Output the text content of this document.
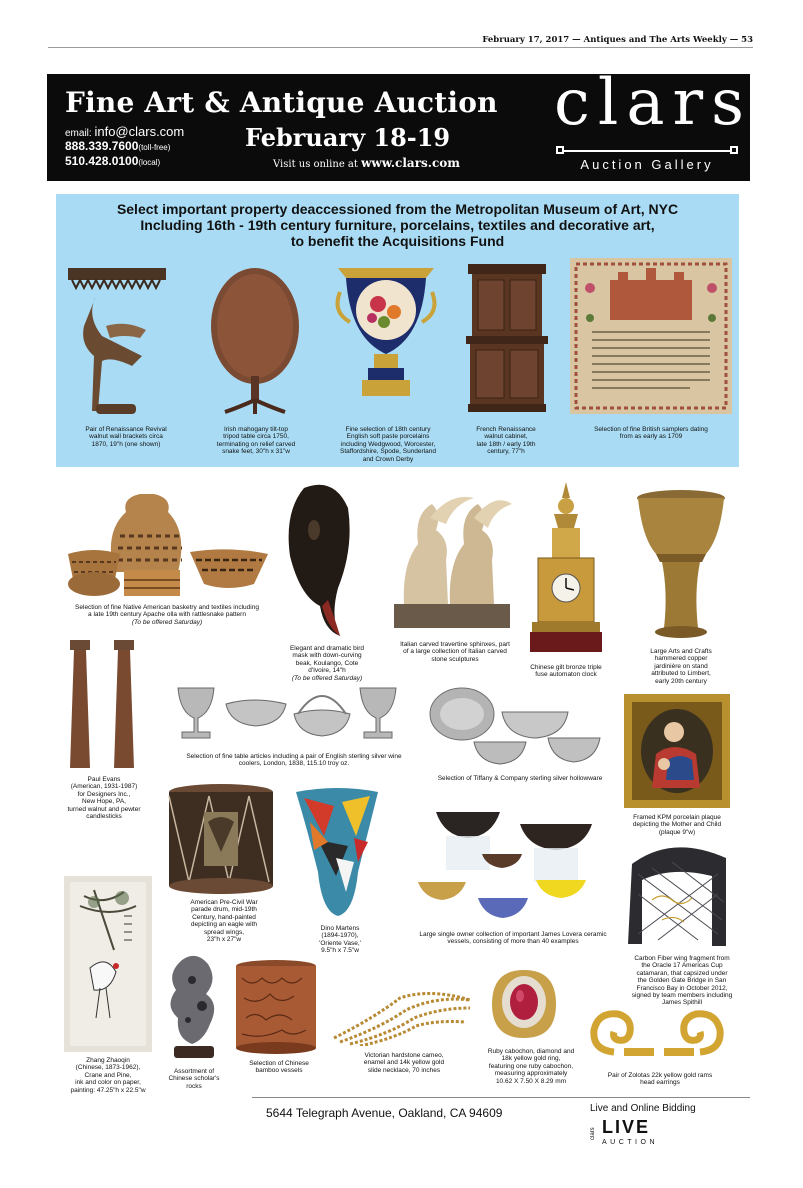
February 17, 2017 — Antiques and The Arts Weekly — 53
Fine Art & Antique Auction
email: info@clars.com
888.339.7600(toll-free)
510.428.0100(local)
February 18-19
Visit us online at www.clars.com
clars
Auction Gallery
Select important property deaccessioned from the Metropolitan Museum of Art, NYC
Including 16th - 19th century furniture, porcelains, textiles and decorative art,
to benefit the Acquisitions Fund
Pair of Renaissance Revival
walnut wall brackets circa
1870, 19"h (one shown)
Irish mahogany tilt-top
tripod table circa 1750,
terminating on relief carved
snake feet, 30"h x 31"w
Fine selection of 18th century
English soft paste porcelains
including Wedgwood, Worcester,
Staffordshire, Spode, Sunderland
and Crown Derby
French Renaissance
walnut cabinet,
late 18th / early 19th
century, 77"h
Selection of fine British samplers dating
from as early as 1709
Selection of fine Native American basketry and textiles including
a late 19th century Apache olla with rattlesnake pattern
(To be offered Saturday)
Elegant and dramatic bird
mask with down-curving
beak, Koulango, Cote
d'Ivoire, 14"h
(To be offered Saturday)
Italian carved travertine sphinxes, part
of a large collection of Italian carved
stone sculptures
Chinese gilt bronze triple
fuse automaton clock
Large Arts and Crafts
hammered copper
jardinière on stand
attributed to Limbert,
early 20th century
Paul Evans
(American, 1931-1987)
for Designers Inc.,
New Hope, PA,
turned walnut and pewter
candlesticks
Selection of fine table articles including a pair of English sterling silver wine
coolers, London, 1838, 115.10 troy oz.
Selection of Tiffany & Company sterling silver hollowware
Framed KPM porcelain plaque
depicting the Mother and Child
(plaque 9"w)
American Pre-Civil War
parade drum, mid-19th
Century, hand-painted
depicting an eagle with
spread wings,
23"h x 27"w
Dino Martens
(1894-1970),
'Oriente Vase,'
9.5"h x 7.5"w
Large single owner collection of important James Lovera ceramic
vessels, consisting of more than 40 examples
Carbon Fiber wing fragment from
the Oracle 17 Americas Cup
catamaran, that capsized under
the Golden Gate Bridge in San
Francisco Bay in October 2012,
signed by team members including
James Spithill
Zhang Zhaoqin
(Chinese, 1873-1962),
Crane and Pine,
ink and color on paper,
painting: 47.25"h x 22.5"w
Assortment of
Chinese scholar's
rocks
Selection of Chinese
bamboo vessels
Victorian hardstone cameo,
enamel and 14k yellow gold
slide necklace, 70 inches
Ruby cabochon, diamond and
18k yellow gold ring,
featuring one ruby cabochon,
measuring approximately
10.62 X 7.50 X 8.29 mm
Pair of Zolotas 22k yellow gold rams
head earrings
5644 Telegraph Avenue, Oakland, CA 94609	Live and Online Bidding
clars LIVE
AUCTION
